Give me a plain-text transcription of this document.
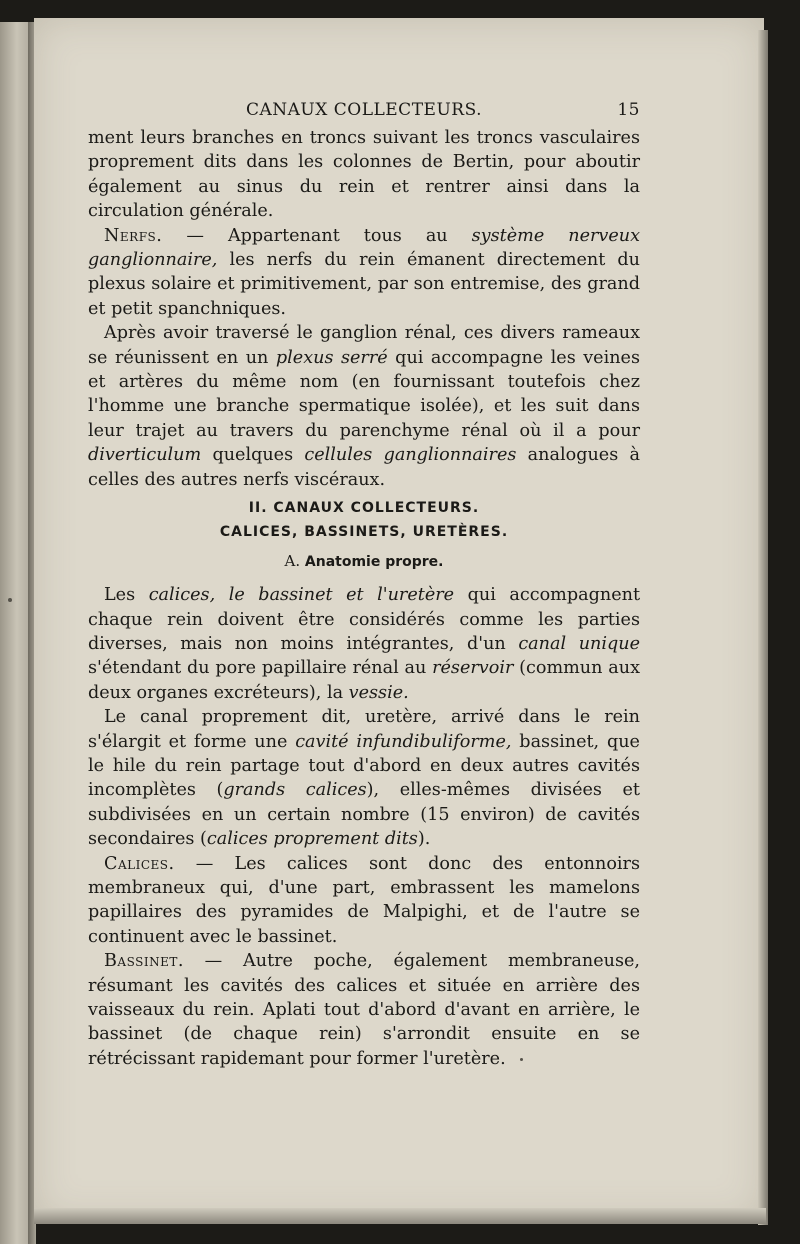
CANAUX COLLECTEURS.	15

ment leurs branches en troncs suivant les troncs vasculaires proprement dits dans les colonnes de Bertin, pour aboutir également au sinus du rein et rentrer ainsi dans la circulation générale.

Nerfs. — Appartenant tous au système nerveux ganglionnaire, les nerfs du rein émanent directement du plexus solaire et primitivement, par son entremise, des grand et petit spanchniques.

Après avoir traversé le ganglion rénal, ces divers rameaux se réunissent en un plexus serré qui accompagne les veines et artères du même nom (en fournissant toutefois chez l'homme une branche spermatique isolée), et les suit dans leur trajet au travers du parenchyme rénal où il a pour diverticulum quelques cellules ganglionnaires analogues à celles des autres nerfs viscéraux.

II. CANAUX COLLECTEURS.
CALICES, BASSINETS, URETÈRES.
A. Anatomie propre.

Les calices, le bassinet et l'uretère qui accompagnent chaque rein doivent être considérés comme les parties diverses, mais non moins intégrantes, d'un canal unique s'étendant du pore papillaire rénal au réservoir (commun aux deux organes excréteurs), la vessie.

Le canal proprement dit, uretère, arrivé dans le rein s'élargit et forme une cavité infundibuliforme, bassinet, que le hile du rein partage tout d'abord en deux autres cavités incomplètes (grands calices), elles-mêmes divisées et subdivisées en un certain nombre (15 environ) de cavités secondaires (calices proprement dits).

Calices. — Les calices sont donc des entonnoirs membraneux qui, d'une part, embrassent les mamelons papillaires des pyramides de Malpighi, et de l'autre se continuent avec le bassinet.

Bassinet. — Autre poche, également membraneuse, résumant les cavités des calices et située en arrière des vaisseaux du rein. Aplati tout d'abord d'avant en arrière, le bassinet (de chaque rein) s'arrondit ensuite en se rétrécissant rapidemant pour former l'uretère.
